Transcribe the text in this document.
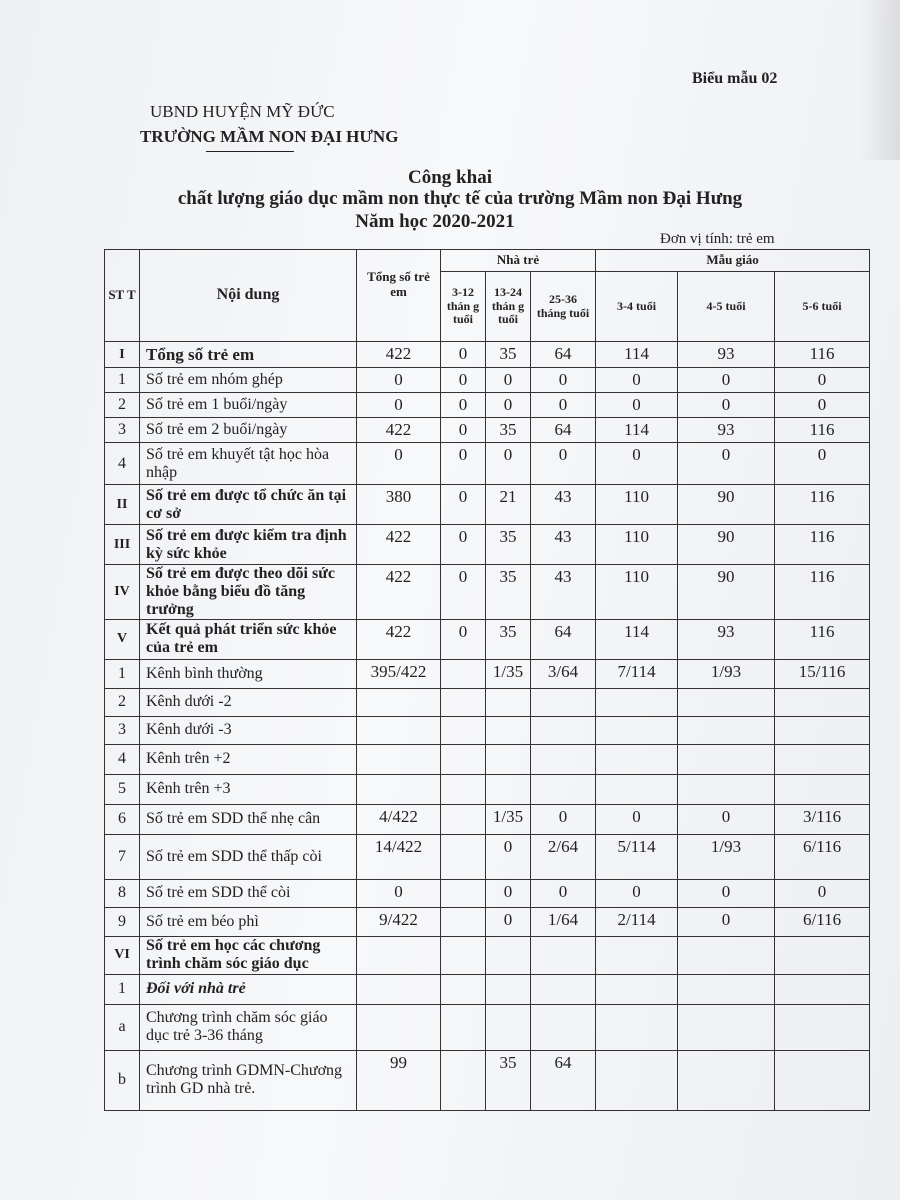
Biểu mẫu 02
UBND HUYỆN MỸ ĐỨC
TRƯỜNG MẦM NON ĐẠI HƯNG
Công khai
chất lượng giáo dục mầm non thực tế của trường Mầm non Đại Hưng
Năm học 2020-2021
Đơn vị tính: trẻ em
ST T	Nội dung	Tổng số trẻ em	Nhà trẻ			Mẫu giáo		
			3-12 thán g tuổi	13-24 thán g tuổi	25-36 tháng tuổi	3-4 tuổi	4-5 tuổi	5-6 tuổi
I	Tổng số trẻ em	422	0	35	64	114	93	116
1	Số trẻ em nhóm ghép	0	0	0	0	0	0	0
2	Số trẻ em 1 buổi/ngày	0	0	0	0	0	0	0
3	Số trẻ em 2 buổi/ngày	422	0	35	64	114	93	116
4	Số trẻ em khuyết tật học hòa nhập	0	0	0	0	0	0	0
II	Số trẻ em được tổ chức ăn tại cơ sở	380	0	21	43	110	90	116
III	Số trẻ em được kiểm tra định kỳ sức khỏe	422	0	35	43	110	90	116
IV	Số trẻ em được theo dõi sức khỏe bằng biểu đồ tăng trưởng	422	0	35	43	110	90	116
V	Kết quả phát triển sức khỏe của trẻ em	422	0	35	64	114	93	116
1	Kênh bình thường	395/422		1/35	3/64	7/114	1/93	15/116
2	Kênh dưới -2							
3	Kênh dưới -3							
4	Kênh trên +2							
5	Kênh trên +3							
6	Số trẻ em SDD thể nhẹ cân	4/422		1/35	0	0	0	3/116
7	Số trẻ em SDD thể thấp còi	14/422		0	2/64	5/114	1/93	6/116
8	Số trẻ em SDD thể còi	0		0	0	0	0	0
9	Số trẻ em béo phì	9/422		0	1/64	2/114	0	6/116
VI	Số trẻ em học các chương trình chăm sóc giáo dục							
1	Đối với nhà trẻ							
a	Chương trình chăm sóc giáo dục trẻ 3-36 tháng							
b	Chương trình GDMN-Chương trình GD nhà trẻ.	99		35	64			
